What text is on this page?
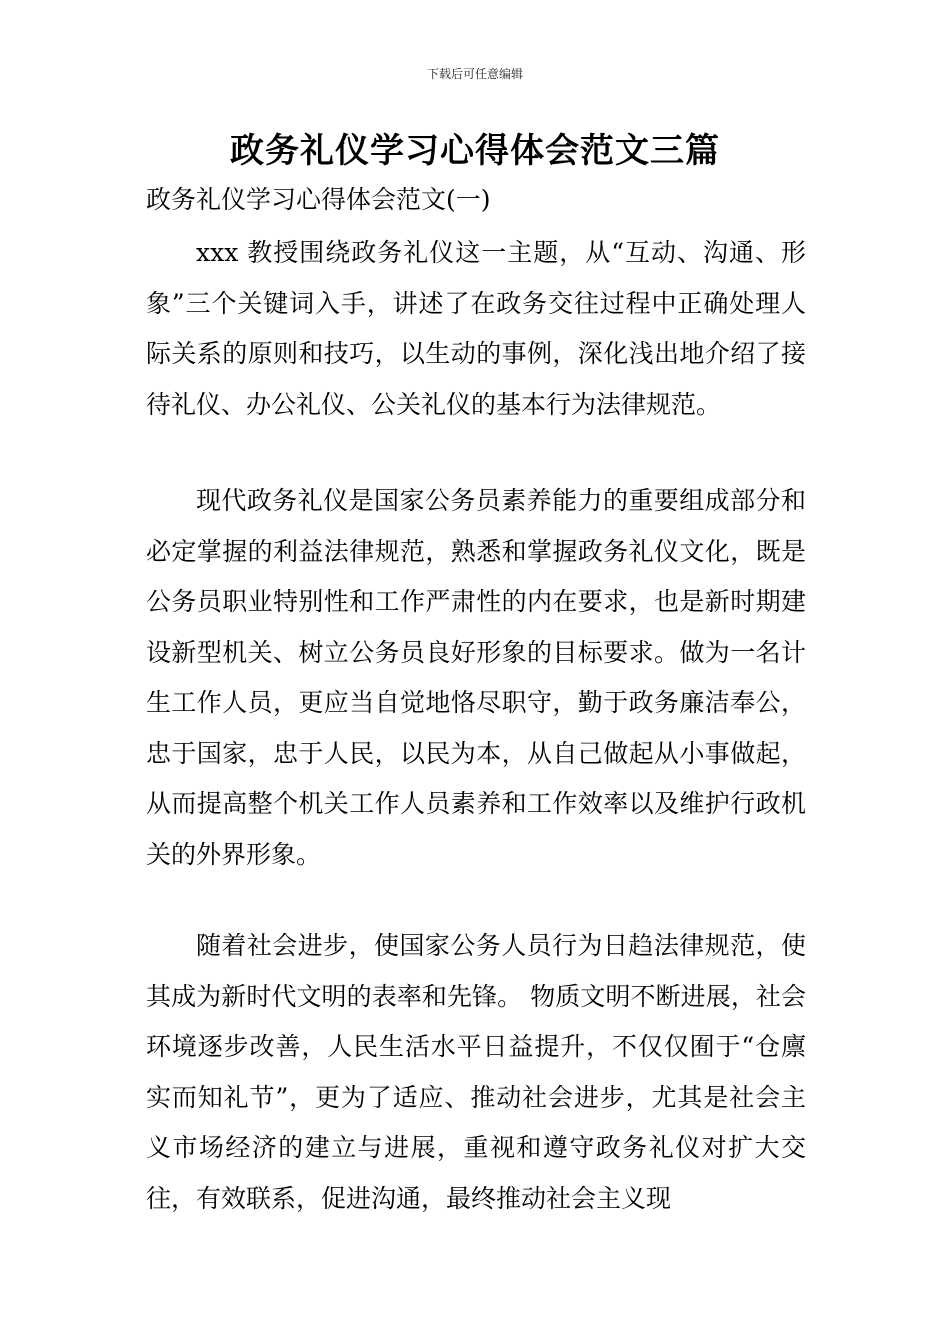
下载后可任意编辑
政务礼仪学习心得体会范文三篇
政务礼仪学习心得体会范文(一)

xxx 教授围绕政务礼仪这一主题，从“互动、沟通、形象”三个关键词入手，讲述了在政务交往过程中正确处理人际关系的原则和技巧，以生动的事例，深化浅出地介绍了接待礼仪、办公礼仪、公关礼仪的基本行为法律规范。

现代政务礼仪是国家公务员素养能力的重要组成部分和必定掌握的利益法律规范，熟悉和掌握政务礼仪文化，既是公务员职业特别性和工作严肃性的内在要求，也是新时期建设新型机关、树立公务员良好形象的目标要求。做为一名计生工作人员，更应当自觉地恪尽职守，勤于政务廉洁奉公，忠于国家，忠于人民，以民为本，从自己做起从小事做起，从而提高整个机关工作人员素养和工作效率以及维护行政机关的外界形象。

随着社会进步，使国家公务人员行为日趋法律规范，使其成为新时代文明的表率和先锋。 物质文明不断进展，社会环境逐步改善，人民生活水平日益提升，不仅仅囿于“仓廪实而知礼节”，更为了适应、推动社会进步，尤其是社会主义市场经济的建立与进展，重视和遵守政务礼仪对扩大交往，有效联系，促进沟通，最终推动社会主义现
